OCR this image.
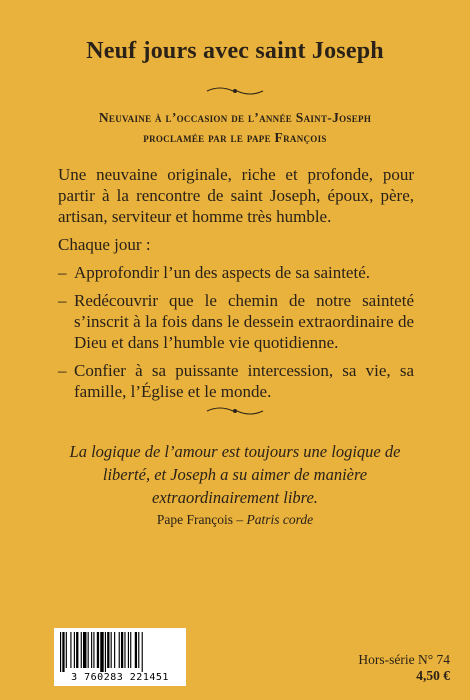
Neuf jours avec saint Joseph
Neuvaine à l’occasion de l’année Saint-Joseph
proclamée par le pape François

Une neuvaine originale, riche et profonde, pour partir à la rencontre de saint Joseph, époux, père, artisan, serviteur et homme très humble.

Chaque jour :

– Approfondir l’un des aspects de sa sainteté.
– Redécouvrir que le chemin de notre sainteté s’inscrit à la fois dans le dessein extraordinaire de Dieu et dans l’humble vie quotidienne.
– Confier à sa puissante intercession, sa vie, sa famille, l’Église et le monde.
La logique de l’amour est toujours une logique de liberté, et Joseph a su aimer de manière extraordinairement libre.
Pape François – Patris corde
3 760283 221451
Hors-série N° 74
4,50 €
